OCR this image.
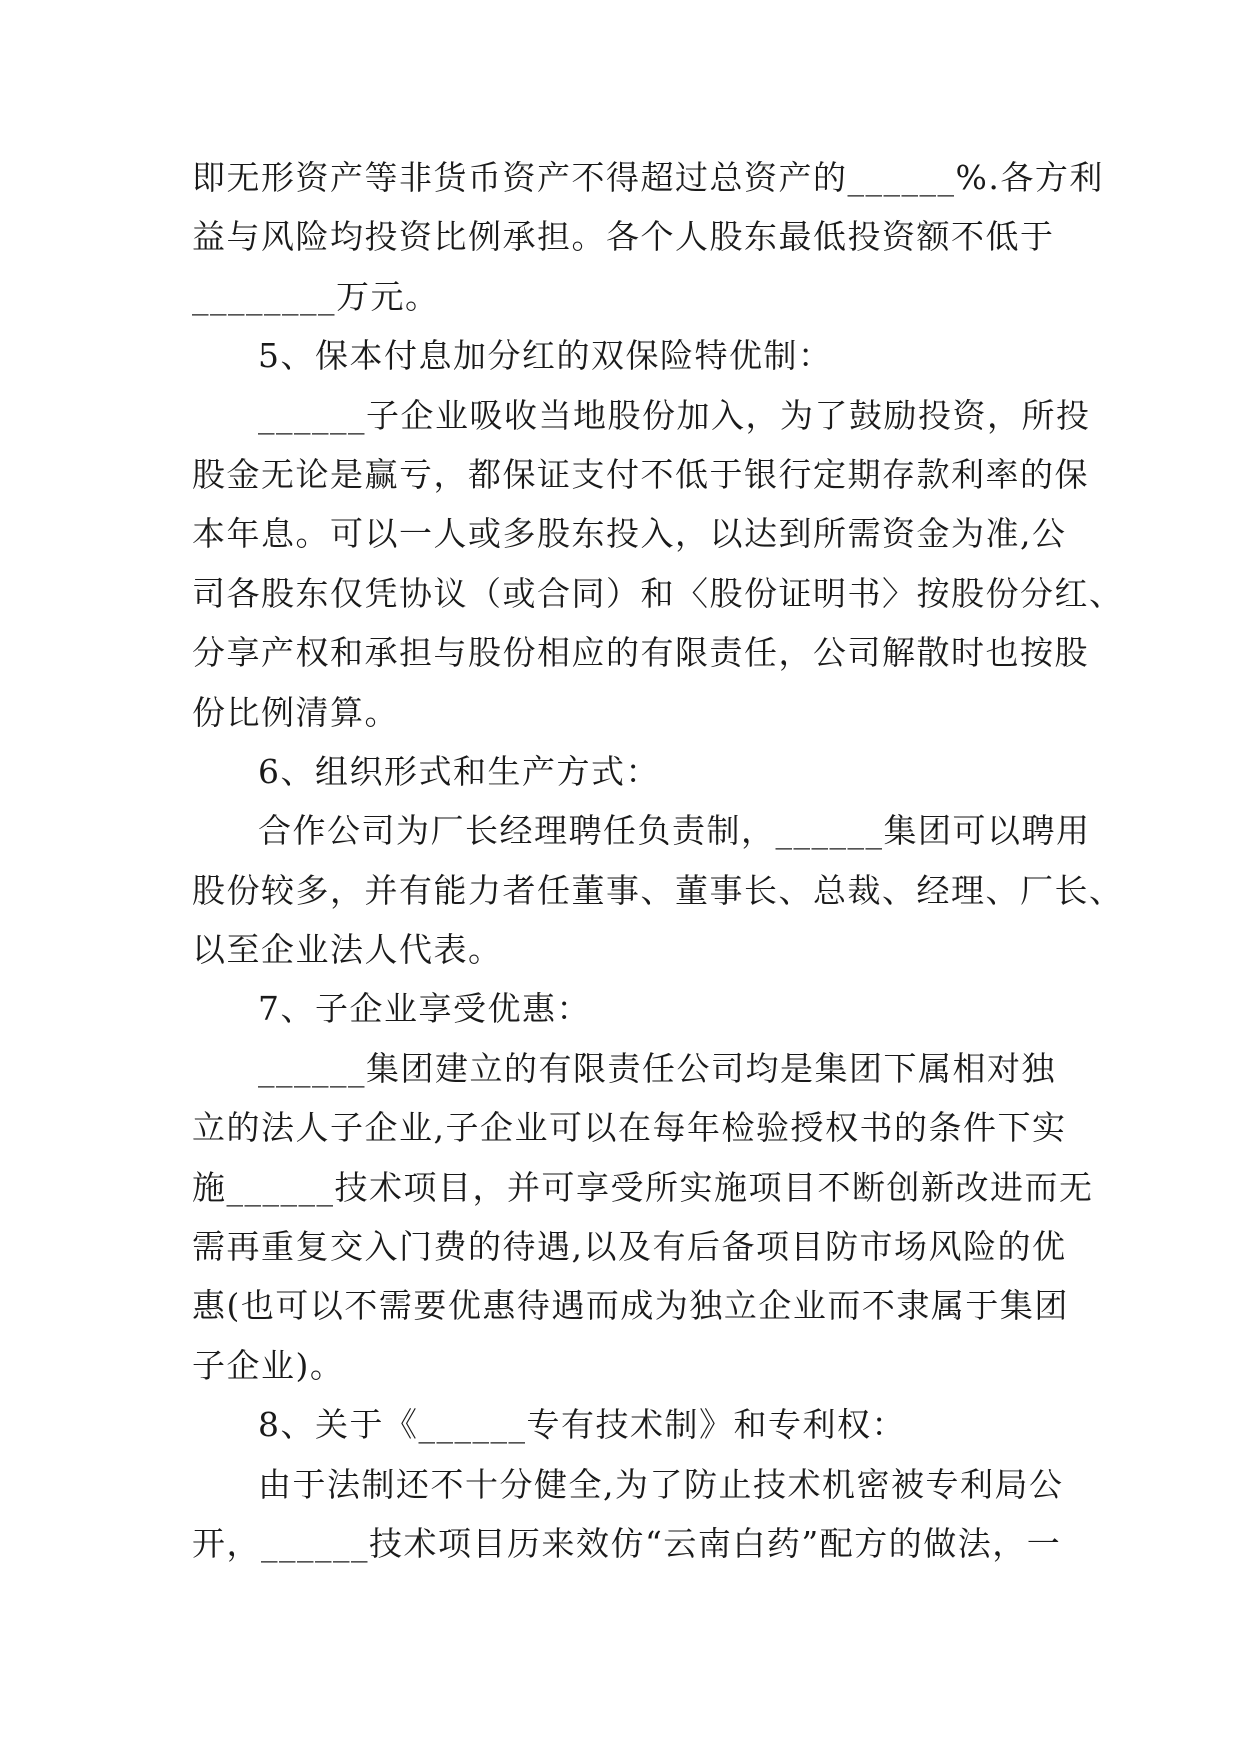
即无形资产等非货币资产不得超过总资产的______%.各方利
益与风险均投资比例承担。各个人股东最低投资额不低于
________万元。
5、保本付息加分红的双保险特优制：
______子企业吸收当地股份加入，为了鼓励投资，所投
股金无论是赢亏，都保证支付不低于银行定期存款利率的保
本年息。可以一人或多股东投入，以达到所需资金为准,公
司各股东仅凭协议（或合同）和〈股份证明书〉按股份分红、
分享产权和承担与股份相应的有限责任，公司解散时也按股
份比例清算。
6、组织形式和生产方式：
合作公司为厂长经理聘任负责制，______集团可以聘用
股份较多，并有能力者任董事、董事长、总裁、经理、厂长、
以至企业法人代表。
7、子企业享受优惠：
______集团建立的有限责任公司均是集团下属相对独
立的法人子企业,子企业可以在每年检验授权书的条件下实
施______技术项目，并可享受所实施项目不断创新改进而无
需再重复交入门费的待遇,以及有后备项目防市场风险的优
惠(也可以不需要优惠待遇而成为独立企业而不隶属于集团
子企业)。
8、关于《______专有技术制》和专利权：
由于法制还不十分健全,为了防止技术机密被专利局公
开，______技术项目历来效仿“云南白药”配方的做法，一
